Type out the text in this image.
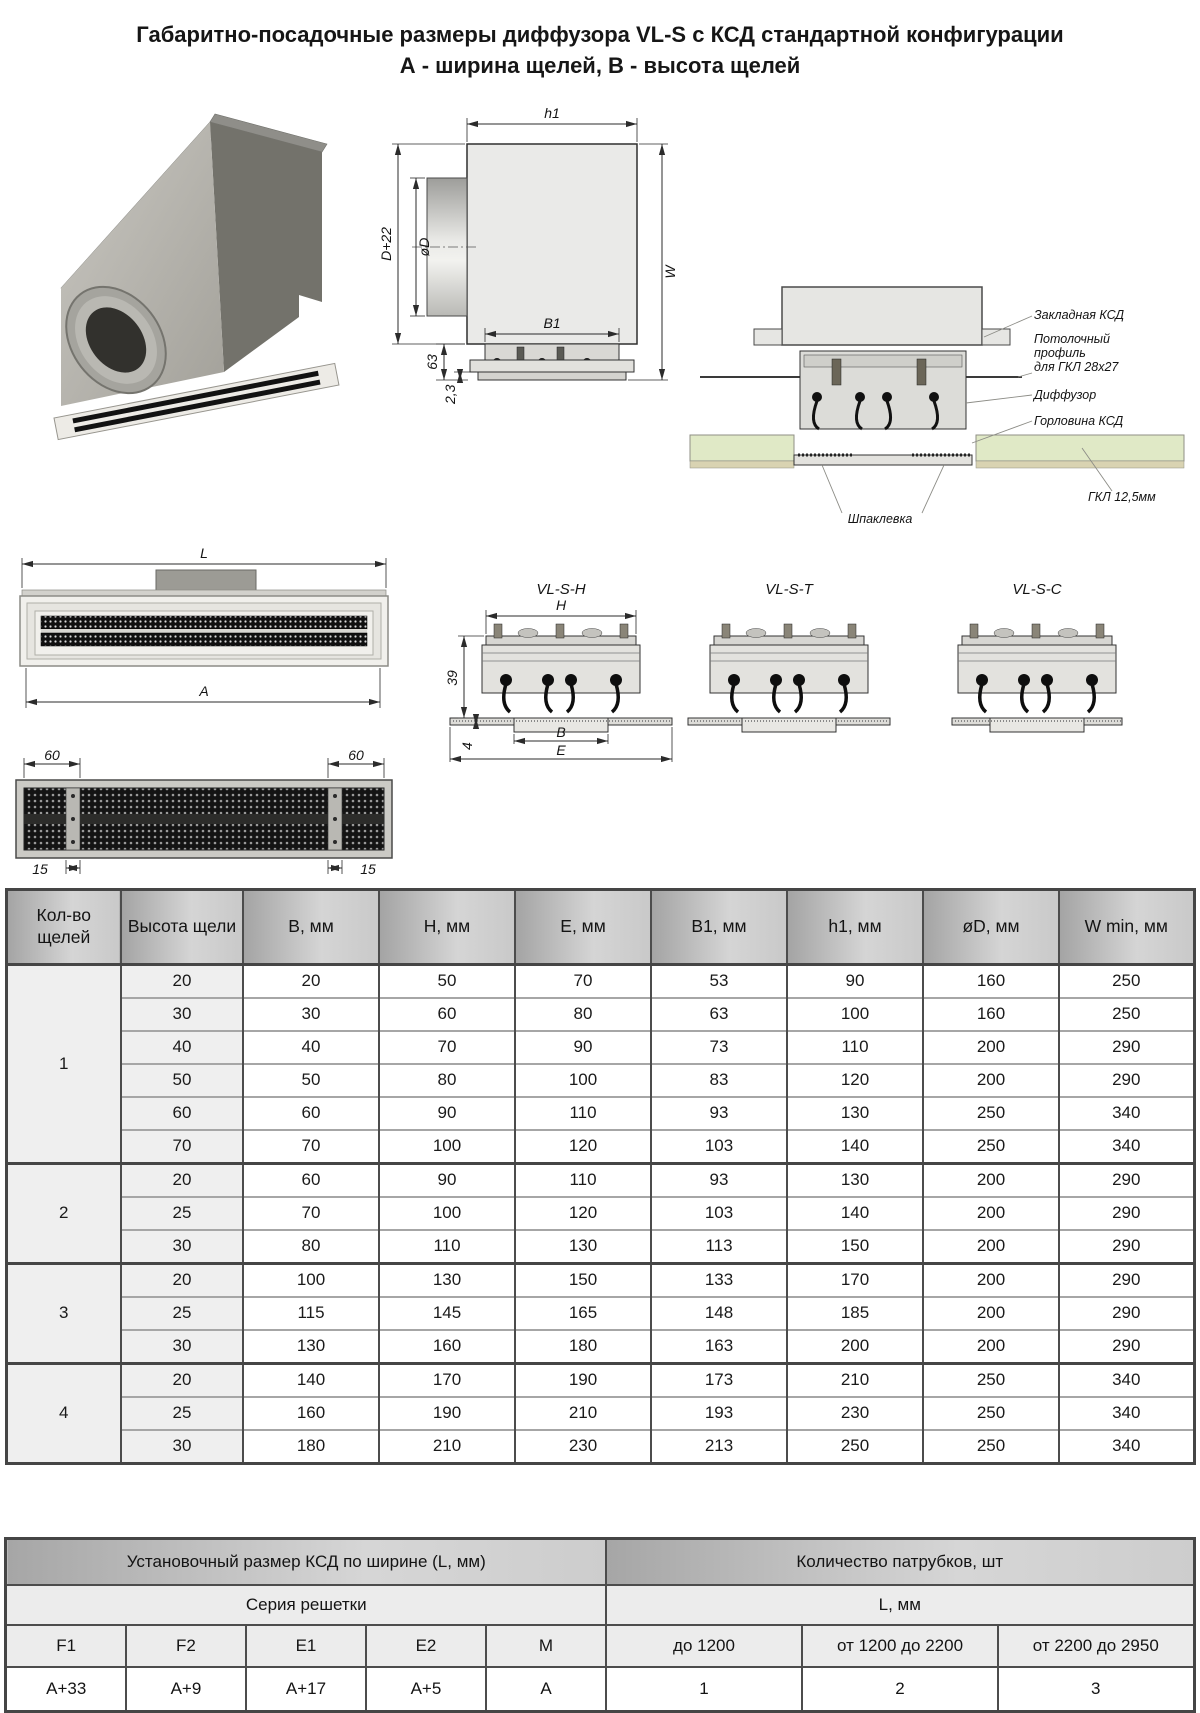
Габаритно-посадочные размеры диффузора VL-S с КСД стандартной конфигурации
А - ширина щелей, В - высота щелей
h1
W
D+22 øD
B1
63
2,3
Закладная КСД
Потолочный
профиль
для ГКЛ 28х27
Диффузор
Горловина КСД
ГКЛ 12,5мм
Шпаклевка
L
A
60	60
15	15
VL-S-H
H
39
4
B
E
VL-S-T	VL-S-C
Кол-во щелей	Высота щели	B, мм	H, мм	E, мм	B1, мм	h1, мм	øD, мм	W min, мм
1	20	20	50	70	53	90	160	250
	30	30	60	80	63	100	160	250
	40	40	70	90	73	110	200	290
	50	50	80	100	83	120	200	290
	60	60	90	110	93	130	250	340
	70	70	100	120	103	140	250	340
2	20	60	90	110	93	130	200	290
	25	70	100	120	103	140	200	290
	30	80	110	130	113	150	200	290
3	20	100	130	150	133	170	200	290
	25	115	145	165	148	185	200	290
	30	130	160	180	163	200	200	290
4	20	140	170	190	173	210	250	340
	25	160	190	210	193	230	250	340
	30	180	210	230	213	250	250	340
Установочный размер КСД по ширине (L, мм)					Количество патрубков, шт		
Серия решетки					L, мм		
F1	F2	E1	E2	M	до 1200	от 1200 до 2200	от 2200 до 2950
A+33	A+9	A+17	A+5	A	1	2	3
